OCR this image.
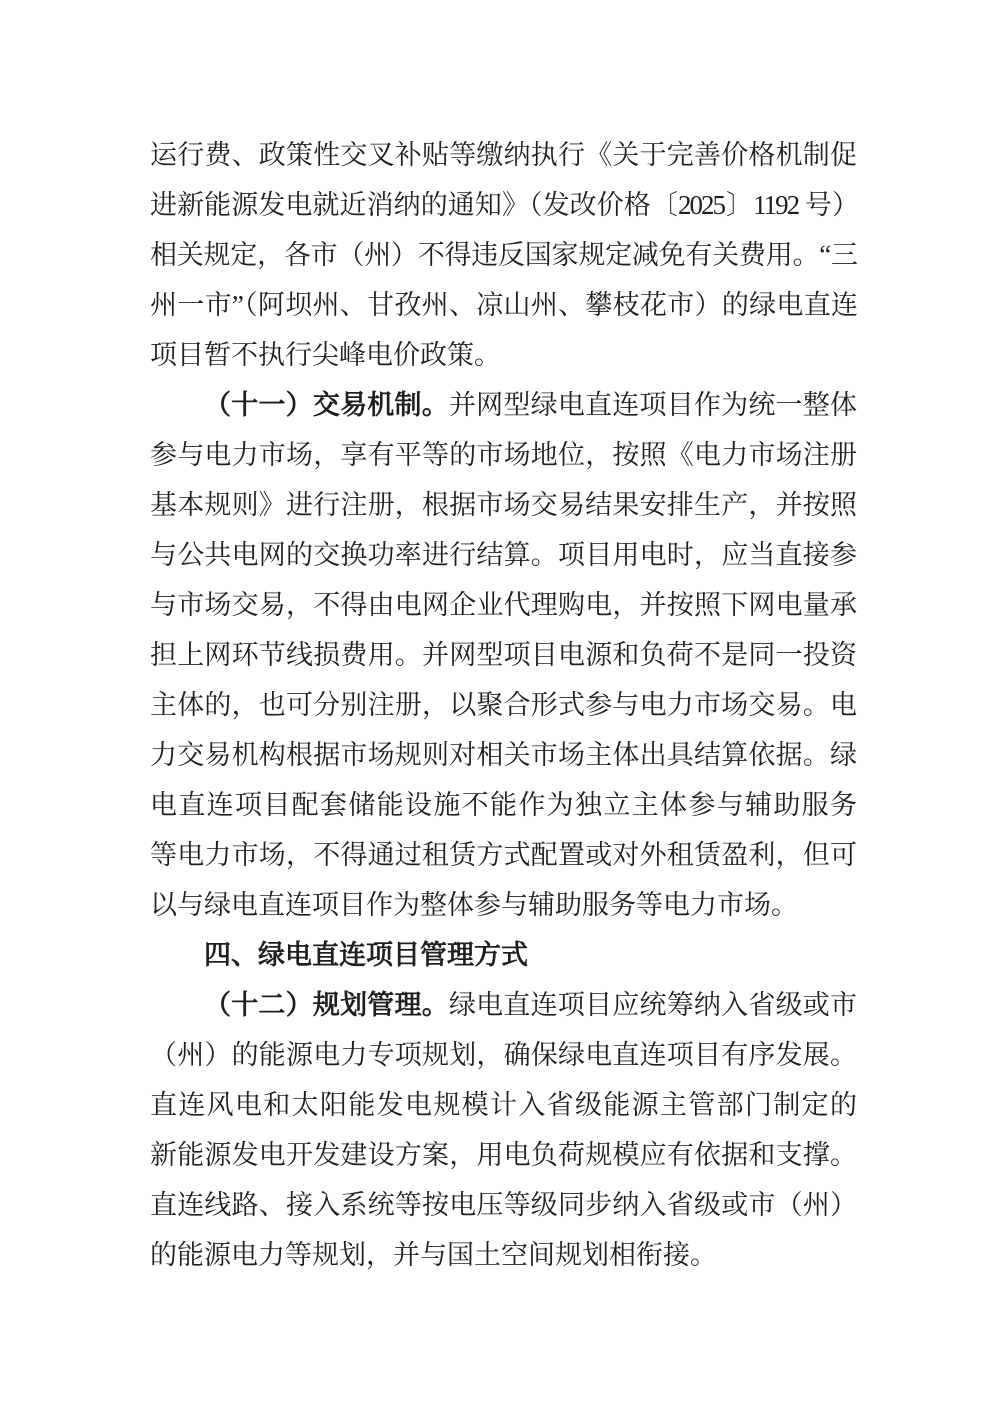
运行费、政策性交叉补贴等缴纳执行《关于完善价格机制促
进新能源发电就近消纳的通知》（发改价格〔2025〕1192 号）
相关规定，各市（州）不得违反国家规定减免有关费用。“三
州一市”（阿坝州、甘孜州、凉山州、攀枝花市）的绿电直连
项目暂不执行尖峰电价政策。
（十一）交易机制。并网型绿电直连项目作为统一整体
参与电力市场，享有平等的市场地位，按照《电力市场注册
基本规则》进行注册，根据市场交易结果安排生产，并按照
与公共电网的交换功率进行结算。项目用电时，应当直接参
与市场交易，不得由电网企业代理购电，并按照下网电量承
担上网环节线损费用。并网型项目电源和负荷不是同一投资
主体的，也可分别注册，以聚合形式参与电力市场交易。电
力交易机构根据市场规则对相关市场主体出具结算依据。绿
电直连项目配套储能设施不能作为独立主体参与辅助服务
等电力市场，不得通过租赁方式配置或对外租赁盈利，但可
以与绿电直连项目作为整体参与辅助服务等电力市场。
四、绿电直连项目管理方式
（十二）规划管理。绿电直连项目应统筹纳入省级或市
（州）的能源电力专项规划，确保绿电直连项目有序发展。
直连风电和太阳能发电规模计入省级能源主管部门制定的
新能源发电开发建设方案，用电负荷规模应有依据和支撑。
直连线路、接入系统等按电压等级同步纳入省级或市（州）
的能源电力等规划，并与国土空间规划相衔接。
